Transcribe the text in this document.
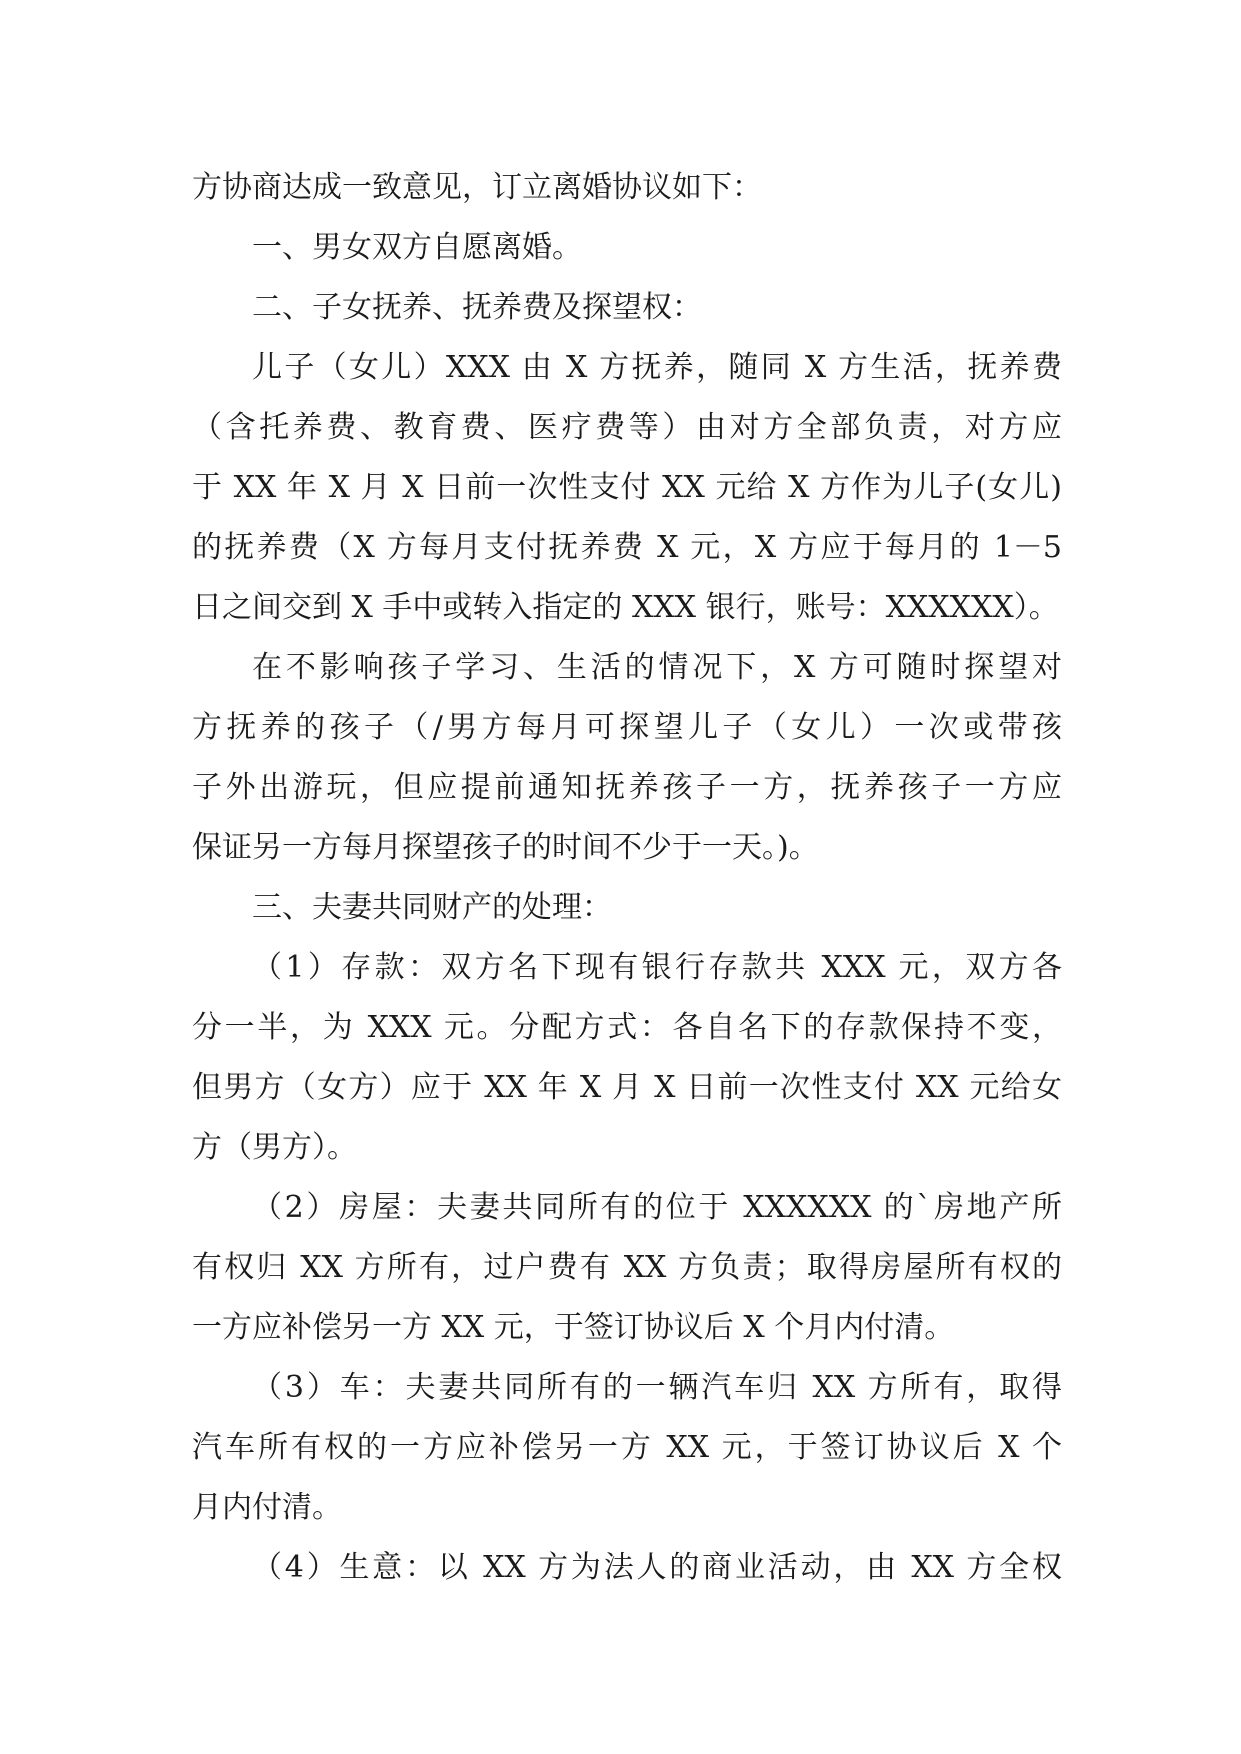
方协商达成一致意见，订立离婚协议如下：
一、男女双方自愿离婚。
二、子女抚养、抚养费及探望权：
儿子（女儿）XXX 由 X 方抚养，随同 X 方生活，抚养费
（含托养费、教育费、医疗费等）由对方全部负责，对方应
于 XX 年 X 月 X 日前一次性支付 XX 元给 X 方作为儿子(女儿)
的抚养费（X 方每月支付抚养费 X 元，X 方应于每月的 1－5
日之间交到 X 手中或转入指定的 XXX 银行，账号：XXXXXX）。
在不影响孩子学习、生活的情况下，X 方可随时探望对
方抚养的孩子（/男方每月可探望儿子（女儿）一次或带孩
子外出游玩，但应提前通知抚养孩子一方，抚养孩子一方应
保证另一方每月探望孩子的时间不少于一天。)。
三、夫妻共同财产的处理：
（1）存款：双方名下现有银行存款共 XXX 元，双方各
分一半，为 XXX 元。分配方式：各自名下的存款保持不变，
但男方（女方）应于 XX 年 X 月 X 日前一次性支付 XX 元给女
方（男方）。
（2）房屋：夫妻共同所有的位于 XXXXXX 的`房地产所
有权归 XX 方所有，过户费有 XX 方负责；取得房屋所有权的
一方应补偿另一方 XX 元，于签订协议后 X 个月内付清。
（3）车：夫妻共同所有的一辆汽车归 XX 方所有，取得
汽车所有权的一方应补偿另一方 XX 元，于签订协议后 X 个
月内付清。
（4）生意：以 XX 方为法人的商业活动，由 XX 方全权
